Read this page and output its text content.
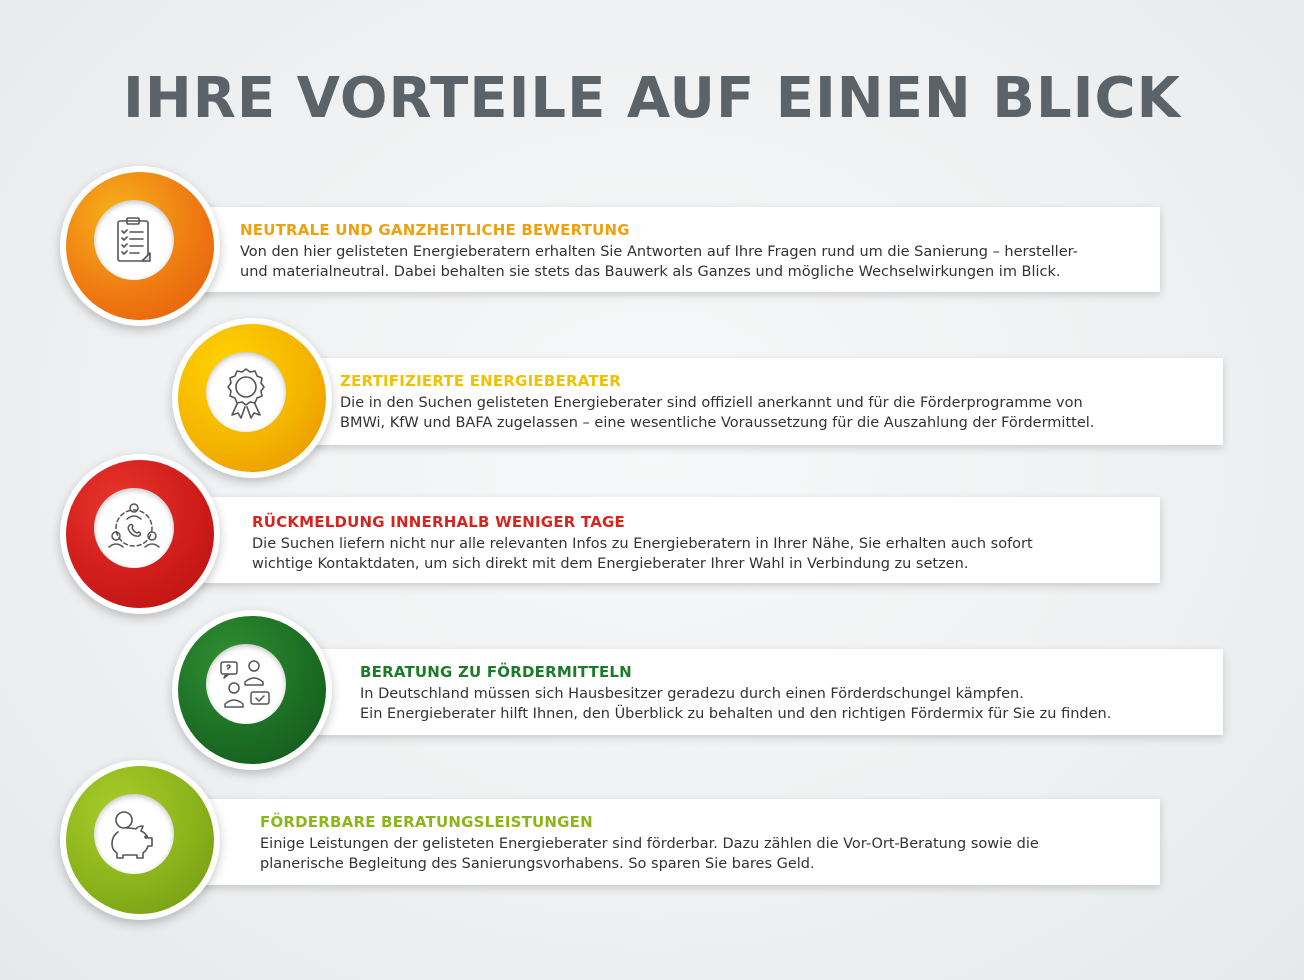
IHRE VORTEILE AUF EINEN BLICK

NEUTRALE UND GANZHEITLICHE BEWERTUNG

Von den hier gelisteten Energieberatern erhalten Sie Antworten auf Ihre Fragen rund um die Sanierung – hersteller-

und materialneutral. Dabei behalten sie stets das Bauwerk als Ganzes und mögliche Wechselwirkungen im Blick.

ZERTIFIZIERTE ENERGIEBERATER

Die in den Suchen gelisteten Energieberater sind offiziell anerkannt und für die Förderprogramme von

BMWi, KfW und BAFA zugelassen – eine wesentliche Voraussetzung für die Auszahlung der Fördermittel.

RÜCKMELDUNG INNERHALB WENIGER TAGE

Die Suchen liefern nicht nur alle relevanten Infos zu Energieberatern in Ihrer Nähe, Sie erhalten auch sofort

wichtige Kontaktdaten, um sich direkt mit dem Energieberater Ihrer Wahl in Verbindung zu setzen.

BERATUNG ZU FÖRDERMITTELN

In Deutschland müssen sich Hausbesitzer geradezu durch einen Förderdschungel kämpfen.

Ein Energieberater hilft Ihnen, den Überblick zu behalten und den richtigen Fördermix für Sie zu finden.

FÖRDERBARE BERATUNGSLEISTUNGEN

Einige Leistungen der gelisteten Energieberater sind förderbar. Dazu zählen die Vor-Ort-Beratung sowie die

planerische Begleitung des Sanierungsvorhabens. So sparen Sie bares Geld.
